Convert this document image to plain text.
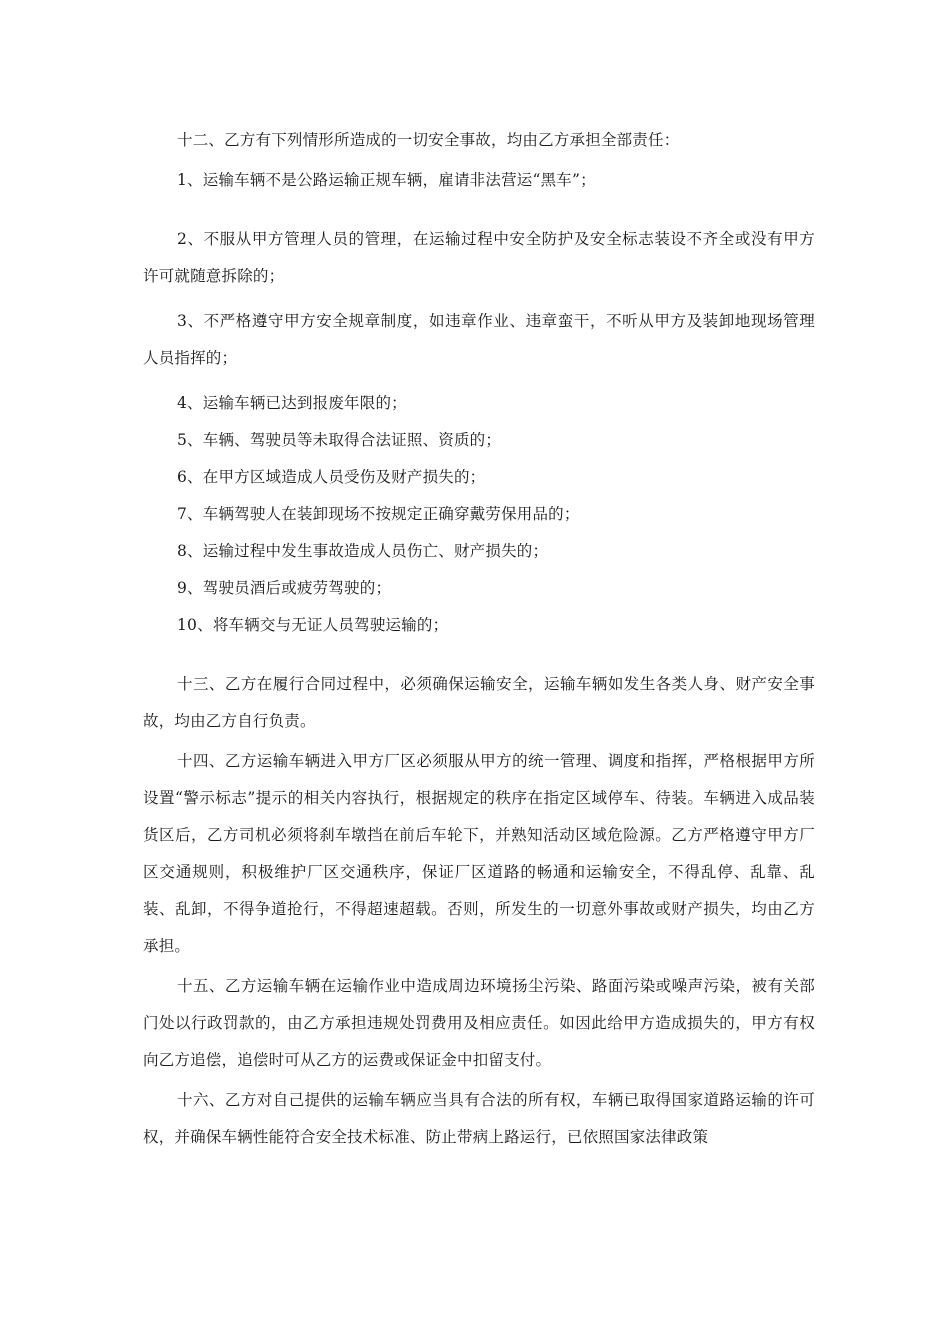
十二、乙方有下列情形所造成的一切安全事故，均由乙方承担全部责任：

1、运输车辆不是公路运输正规车辆，雇请非法营运“黑车”；

2、不服从甲方管理人员的管理，在运输过程中安全防护及安全标志装设不齐全或没有甲方许可就随意拆除的；

3、不严格遵守甲方安全规章制度，如违章作业、违章蛮干，不听从甲方及装卸地现场管理人员指挥的；

4、运输车辆已达到报废年限的；

5、车辆、驾驶员等未取得合法证照、资质的；

6、在甲方区域造成人员受伤及财产损失的；

7、车辆驾驶人在装卸现场不按规定正确穿戴劳保用品的；

8、运输过程中发生事故造成人员伤亡、财产损失的；

9、驾驶员酒后或疲劳驾驶的；

10、将车辆交与无证人员驾驶运输的；

十三、乙方在履行合同过程中，必须确保运输安全，运输车辆如发生各类人身、财产安全事故，均由乙方自行负责。

十四、乙方运输车辆进入甲方厂区必须服从甲方的统一管理、调度和指挥，严格根据甲方所设置“警示标志”提示的相关内容执行，根据规定的秩序在指定区域停车、待装。车辆进入成品装货区后，乙方司机必须将刹车墩挡在前后车轮下，并熟知活动区域危险源。乙方严格遵守甲方厂区交通规则，积极维护厂区交通秩序，保证厂区道路的畅通和运输安全，不得乱停、乱靠、乱装、乱卸，不得争道抢行，不得超速超载。否则，所发生的一切意外事故或财产损失，均由乙方承担。

十五、乙方运输车辆在运输作业中造成周边环境扬尘污染、路面污染或噪声污染，被有关部门处以行政罚款的，由乙方承担违规处罚费用及相应责任。如因此给甲方造成损失的，甲方有权向乙方追偿，追偿时可从乙方的运费或保证金中扣留支付。

十六、乙方对自己提供的运输车辆应当具有合法的所有权，车辆已取得国家道路运输的许可权，并确保车辆性能符合安全技术标准、防止带病上路运行，已依照国家法律政策
